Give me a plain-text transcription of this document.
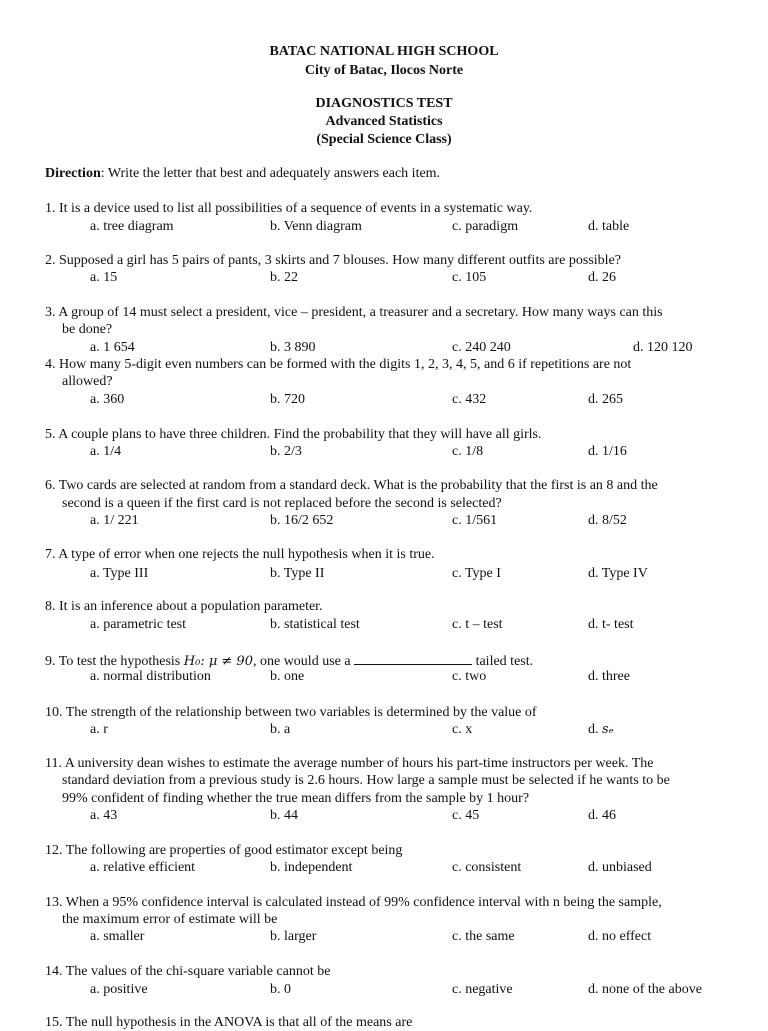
BATAC NATIONAL HIGH SCHOOL
City of Batac, Ilocos Norte
DIAGNOSTICS TEST
Advanced Statistics
(Special Science Class)
Direction: Write the letter that best and adequately answers each item.
1. It is a device used to list all possibilities of a sequence of events in a systematic way.
a. tree diagram	b. Venn diagram	c. paradigm	d. table
2. Supposed a girl has 5 pairs of pants, 3 skirts and 7 blouses. How many different outfits are possible?
a. 15	b. 22	c. 105	d. 26
3. A group of 14 must select a president, vice – president, a treasurer and a secretary. How many ways can this
be done?
a. 1 654	b. 3 890	c. 240 240	d. 120 120
4. How many 5-digit even numbers can be formed with the digits 1, 2, 3, 4, 5, and 6 if repetitions are not
allowed?
a. 360	b. 720	c. 432	d. 265
5. A couple plans to have three children. Find the probability that they will have all girls.
a. 1/4	b. 2/3	c. 1/8	d. 1/16
6. Two cards are selected at random from a standard deck. What is the probability that the first is an 8 and the
second is a queen if the first card is not replaced before the second is selected?
a. 1/ 221	b. 16/2 652	c. 1/561	d. 8/52
7. A type of error when one rejects the null hypothesis when it is true.
a. Type III	b. Type II	c. Type I	d. Type IV
8. It is an inference about a population parameter.
a. parametric test	b. statistical test	c. t – test	d. t- test
9. To test the hypothesis H₀: μ ≠ 90, one would use a	tailed test.
a. normal distribution	b. one	c. two	d. three
10. The strength of the relationship between two variables is determined by the value of
a. r	b. a	c. x	d. sₑ
11. A university dean wishes to estimate the average number of hours his part-time instructors per week. The
standard deviation from a previous study is 2.6 hours. How large a sample must be selected if he wants to be
99% confident of finding whether the true mean differs from the sample by 1 hour?
a. 43	b. 44	c. 45	d. 46
12. The following are properties of good estimator except being
a. relative efficient	b. independent	c. consistent	d. unbiased
13. When a 95% confidence interval is calculated instead of 99% confidence interval with n being the sample,
the maximum error of estimate will be
a. smaller	b. larger	c. the same	d. no effect
14. The values of the chi-square variable cannot be
a. positive	b. 0	c. negative	d. none of the above
15. The null hypothesis in the ANOVA is that all of the means are
